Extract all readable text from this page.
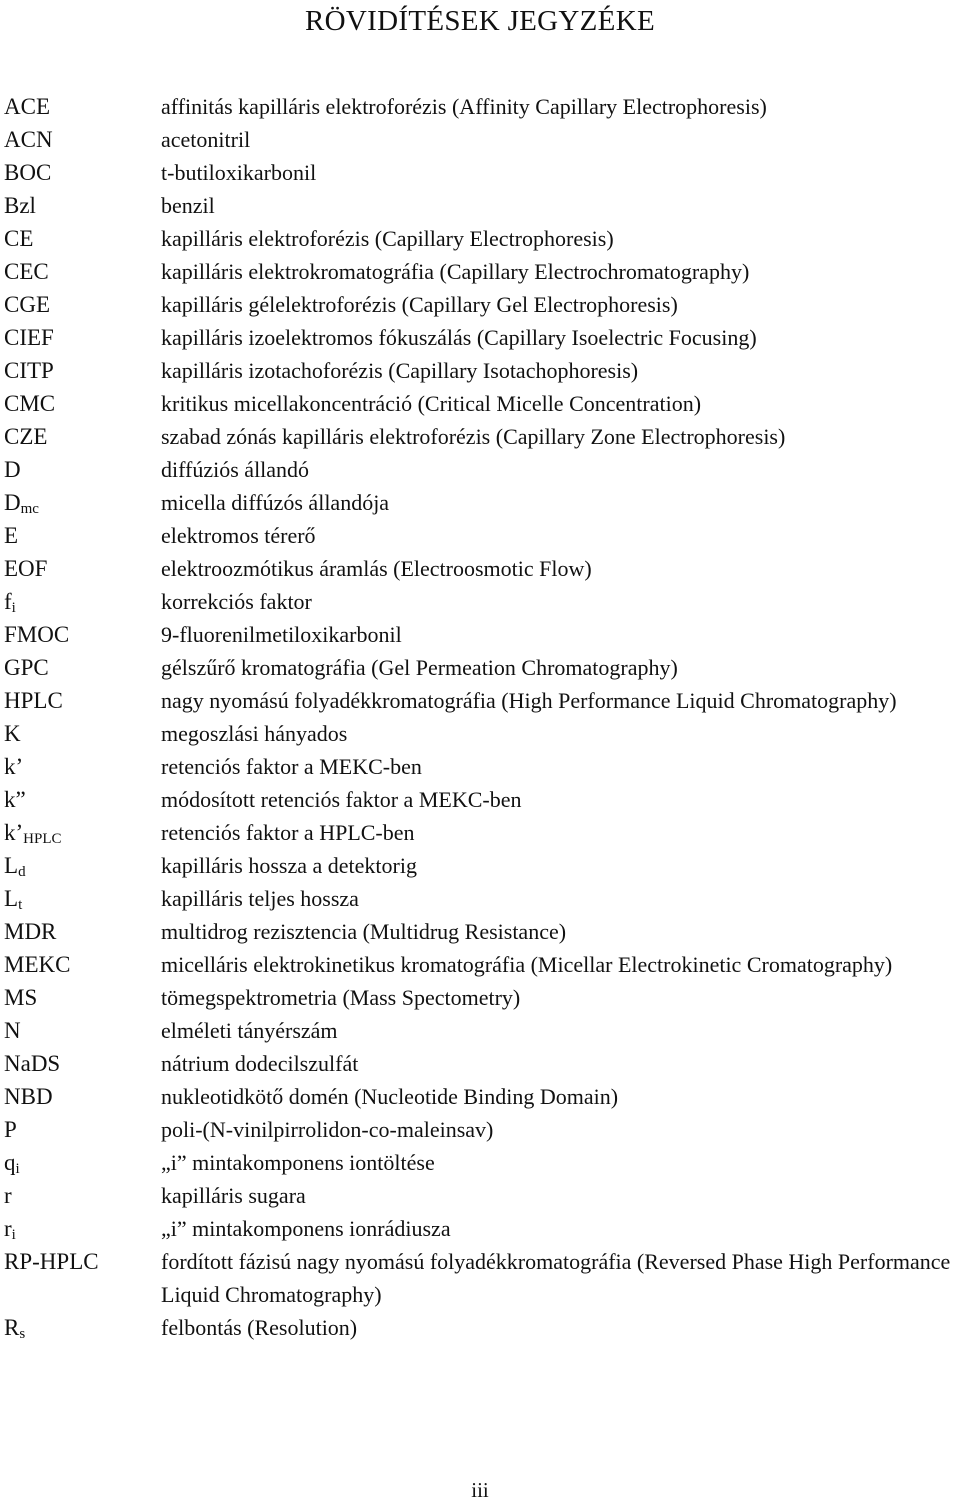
RÖVIDÍTÉSEK JEGYZÉKE
ACE	affinitás kapilláris elektroforézis (Affinity Capillary Electrophoresis)
ACN	acetonitril
BOC	t-butiloxikarbonil
Bzl	benzil
CE	kapilláris elektroforézis (Capillary Electrophoresis)
CEC	kapilláris elektrokromatográfia (Capillary Electrochromatography)
CGE	kapilláris gélelektroforézis (Capillary Gel Electrophoresis)
CIEF	kapilláris izoelektromos fókuszálás (Capillary Isoelectric Focusing)
CITP	kapilláris izotachoforézis (Capillary Isotachophoresis)
CMC	kritikus micellakoncentráció (Critical Micelle Concentration)
CZE	szabad zónás kapilláris elektroforézis (Capillary Zone Electrophoresis)
D	diffúziós állandó
$D_{mc}$	micella diffúzós állandója
E	elektromos térerő
EOF	elektroozmótikus áramlás (Electroosmotic Flow)
$f_i$	korrekciós faktor
FMOC	9-fluorenilmetiloxikarbonil
GPC	gélszűrő kromatográfia (Gel Permeation Chromatography)
HPLC	nagy nyomású folyadékkromatográfia (High Performance Liquid Chromatography)
K	megoszlási hányados
k’	retenciós faktor a MEKC-ben
k”	módosított retenciós faktor a MEKC-ben
$k’_{HPLC}$	retenciós faktor a HPLC-ben
$L_d$	kapilláris hossza a detektorig
$L_t$	kapilláris teljes hossza
MDR	multidrog rezisztencia (Multidrug Resistance)
MEKC	micelláris elektrokinetikus kromatográfia (Micellar Electrokinetic Cromatography)
MS	tömegspektrometria (Mass Spectometry)
N	elméleti tányérszám
NaDS	nátrium dodecilszulfát
NBD	nukleotidkötő domén (Nucleotide Binding Domain)
P	poli-(N-vinilpirrolidon-co-maleinsav)
$q_i$	„i” mintakomponens iontöltése
r	kapilláris sugara
$r_i$	„i” mintakomponens ionrádiusza
RP-HPLC	fordított fázisú nagy nyomású folyadékkromatográfia (Reversed Phase High Performance Liquid Chromatography)
$R_s$	felbontás (Resolution)
iii
